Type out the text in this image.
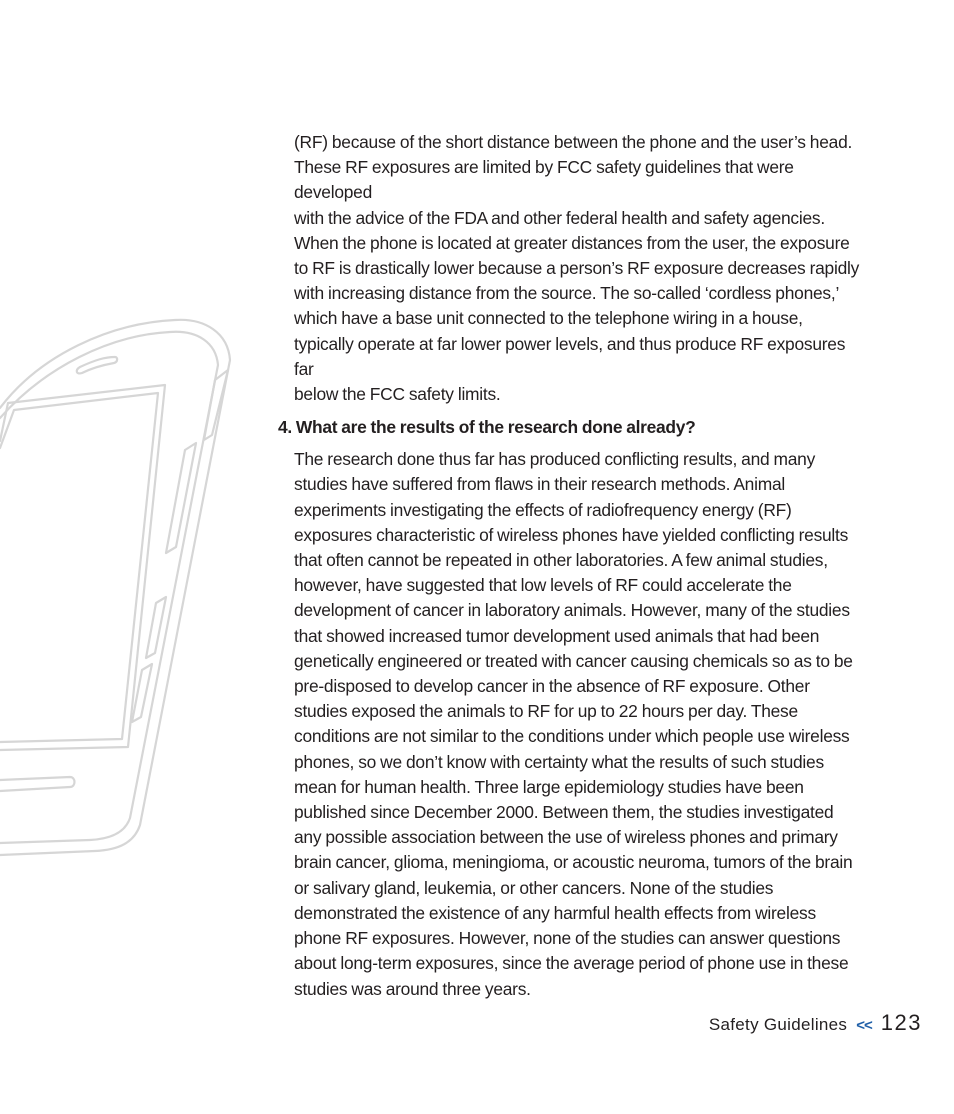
(RF) because of the short distance between the phone and the user’s head.
These RF exposures are limited by FCC safety guidelines that were developed
with the advice of the FDA and other federal health and safety agencies.
When the phone is located at greater distances from the user, the exposure
to RF is drastically lower because a person’s RF exposure decreases rapidly
with increasing distance from the source. The so-called ‘cordless phones,’
which have a base unit connected to the telephone wiring in a house,
typically operate at far lower power levels, and thus produce RF exposures far
below the FCC safety limits.

4. What are the results of the research done already?

The research done thus far has produced conflicting results, and many
studies have suffered from flaws in their research methods. Animal
experiments investigating the effects of radiofrequency energy (RF)
exposures characteristic of wireless phones have yielded conflicting results
that often cannot be repeated in other laboratories. A few animal studies,
however, have suggested that low levels of RF could accelerate the
development of cancer in laboratory animals. However, many of the studies
that showed increased tumor development used animals that had been
genetically engineered or treated with cancer causing chemicals so as to be
pre-disposed to develop cancer in the absence of RF exposure. Other
studies exposed the animals to RF for up to 22 hours per day. These
conditions are not similar to the conditions under which people use wireless
phones, so we don’t know with certainty what the results of such studies
mean for human health. Three large epidemiology studies have been
published since December 2000. Between them, the studies investigated
any possible association between the use of wireless phones and primary
brain cancer, glioma, meningioma, or acoustic neuroma, tumors of the brain
or salivary gland, leukemia, or other cancers. None of the studies
demonstrated the existence of any harmful health effects from wireless
phone RF exposures. However, none of the studies can answer questions
about long-term exposures, since the average period of phone use in these
studies was around three years.

Safety Guidelines << 123
